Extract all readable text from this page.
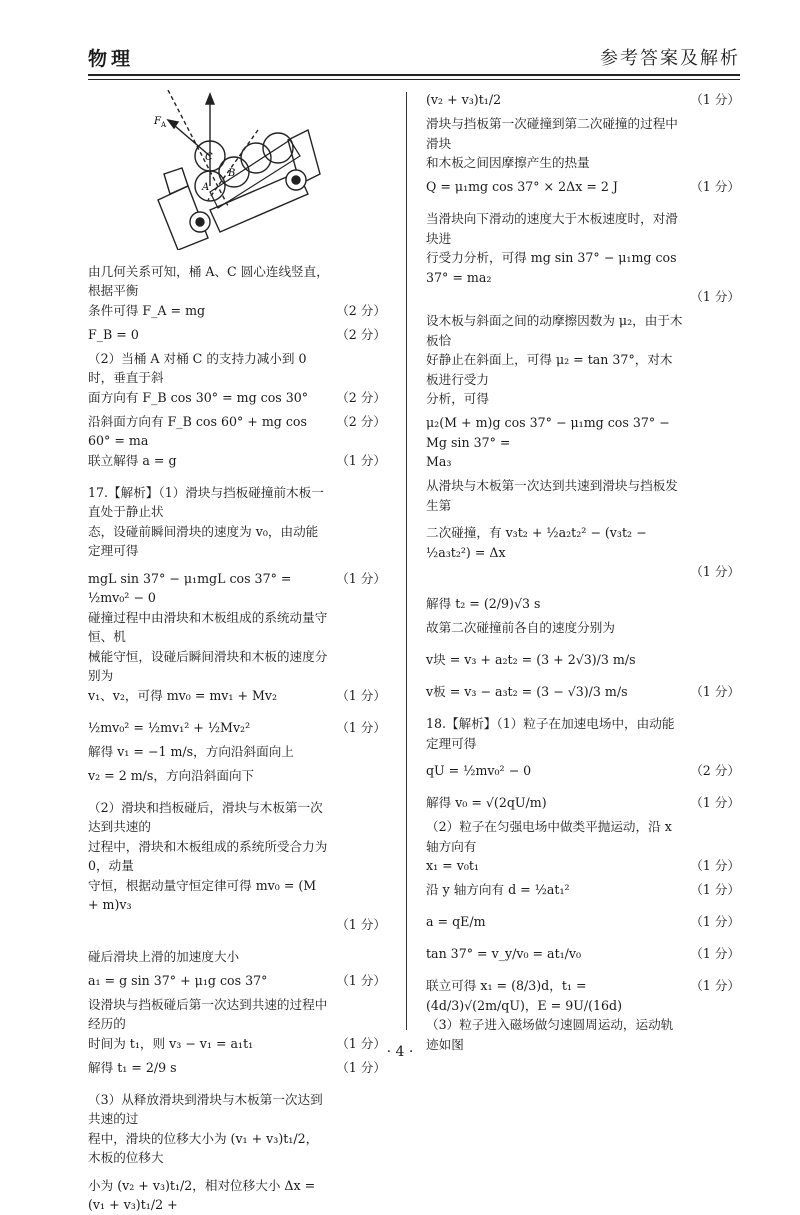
物理	参考答案及解析
A
B
C
F A
由几何关系可知，桶 A、C 圆心连线竖直，根据平衡
条件可得 F_A = mg	（2 分）
F_B = 0	（2 分）
（2）当桶 A 对桶 C 的支持力减小到 0 时，垂直于斜
面方向有 F_B cos 30° = mg cos 30° （2 分）
沿斜面方向有 F_B cos 60° + mg cos 60° = ma
（2 分）
联立解得 a = g	（1 分）
17.【解析】（1）滑块与挡板碰撞前木板一直处于静止状
态，设碰前瞬间滑块的速度为 v₀，由动能定理可得
mgL sin 37° − μ₁mgL cos 37° = ½mv₀² − 0
（1 分）
碰撞过程中由滑块和木板组成的系统动量守恒、机
械能守恒，设碰后瞬间滑块和木板的速度分别为
v₁、v₂，可得 mv₀ = mv₁ + Mv₂	（1 分）
½mv₀² = ½mv₁² + ½Mv₂²	（1 分）
解得 v₁ = −1 m/s，方向沿斜面向上
v₂ = 2 m/s，方向沿斜面向下
（2）滑块和挡板碰后，滑块与木板第一次达到共速的
过程中，滑块和木板组成的系统所受合力为 0，动量
守恒，根据动量守恒定律可得 mv₀ = (M + m)v₃
（1 分）
碰后滑块上滑的加速度大小
a₁ = g sin 37° + μ₁g cos 37°	（1 分）
设滑块与挡板碰后第一次达到共速的过程中经历的
时间为 t₁，则 v₃ − v₁ = a₁t₁	（1 分）
解得 t₁ = 2/9 s	（1 分）
（3）从释放滑块到滑块与木板第一次达到共速的过
程中，滑块的位移大小为 (v₁ + v₃)t₁/2，木板的位移大
小为 (v₂ + v₃)t₁/2，相对位移大小 Δx = (v₁ + v₃)t₁/2 +
(v₂ + v₃)t₁/2	（1 分）
滑块与挡板第一次碰撞到第二次碰撞的过程中滑块
和木板之间因摩擦产生的热量
Q = μ₁mg cos 37° × 2Δx = 2 J	（1 分）
当滑块向下滑动的速度大于木板速度时，对滑块进
行受力分析，可得 mg sin 37° − μ₁mg cos 37° = ma₂
（1 分）
设木板与斜面之间的动摩擦因数为 μ₂，由于木板恰
好静止在斜面上，可得 μ₂ = tan 37°，对木板进行受力
分析，可得
μ₂(M + m)g cos 37° − μ₁mg cos 37° − Mg sin 37° =
Ma₃
从滑块与木板第一次达到共速到滑块与挡板发生第
二次碰撞，有 v₃t₂ + ½a₂t₂² − (v₃t₂ − ½a₃t₂²) = Δx
（1 分）
解得 t₂ = (2/9)√3 s
故第二次碰撞前各自的速度分别为
v块 = v₃ + a₂t₂ = (3 + 2√3)/3 m/s
v板 = v₃ − a₃t₂ = (3 − √3)/3 m/s	（1 分）
18.【解析】（1）粒子在加速电场中，由动能定理可得
qU = ½mv₀² − 0	（2 分）
解得 v₀ = √(2qU/m)	（1 分）
（2）粒子在匀强电场中做类平抛运动，沿 x 轴方向有
x₁ = v₀t₁	（1 分）
沿 y 轴方向有 d = ½at₁²	（1 分）
a = qE/m	（1 分）
tan 37° = v_y/v₀ = at₁/v₀	（1 分）
联立可得 x₁ = (8/3)d，t₁ = (4d/3)√(2m/qU)，E = 9U/(16d)
（1 分）
（3）粒子进入磁场做匀速圆周运动，运动轨迹如图
· 4 ·
